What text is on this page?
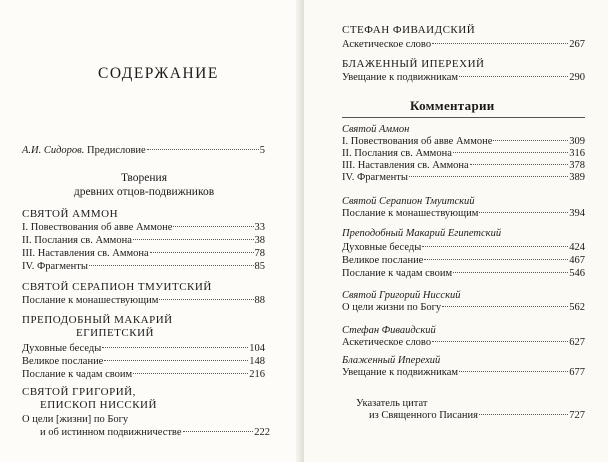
СОДЕРЖАНИЕ
А.И. Сидоров. Предисловие	5
Творения
древних отцов-подвижников
СВЯТОЙ АММОН
I. Повествования об авве Аммоне	33
II. Послания св. Аммона	38
III. Наставления св. Аммона	78
IV. Фрагменты	85
СВЯТОЙ СЕРАПИОН ТМУИТСКИЙ
Послание к монашествующим	88
ПРЕПОДОБНЫЙ МАКАРИЙ
ЕГИПЕТСКИЙ
Духовные беседы	104
Великое послание	148
Послание к чадам своим	216
СВЯТОЙ ГРИГОРИЙ,
ЕПИСКОП НИССКИЙ
О цели [жизни] по Богу
и об истинном подвижничестве	222
СТЕФАН ФИВАИДСКИЙ
Аскетическое слово	267
БЛАЖЕННЫЙ ИПЕРЕХИЙ
Увещание к подвижникам	290
Комментарии
Святой Аммон
I. Повествования об авве Аммоне	309
II. Послания св. Аммона	316
III. Наставления св. Аммона	378
IV. Фрагменты	389
Святой Серапион Тмуитский
Послание к монашествующим	394
Преподобный Макарий Египетский
Духовные беседы	424
Великое послание	467
Послание к чадам своим	546
Святой Григорий Нисский
О цели жизни по Богу	562
Стефан Фиваидский
Аскетическое слово	627
Блаженный Иперехий
Увещание к подвижникам	677
Указатель цитат
из Священного Писания	727
